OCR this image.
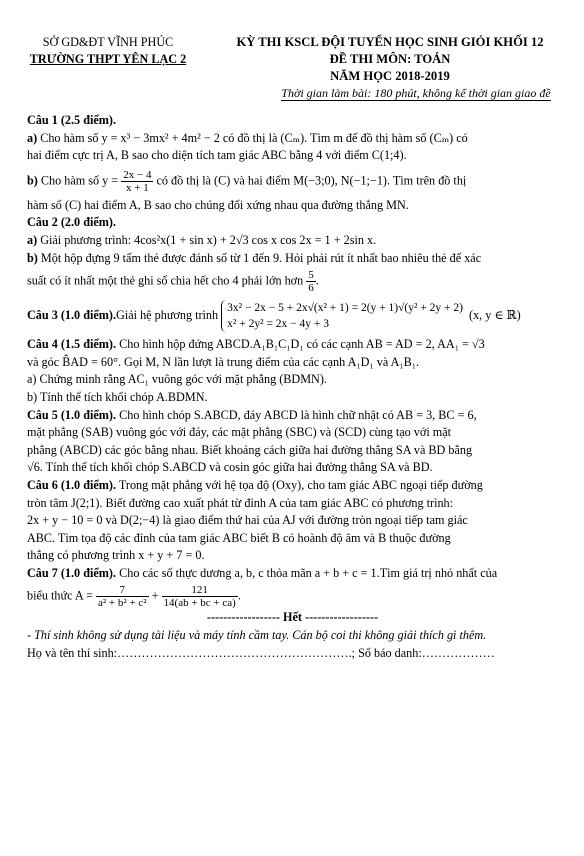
SỞ GD&ĐT VĨNH PHÚC
TRƯỜNG THPT YÊN LẠC 2
KỲ THI KSCL ĐỘI TUYỂN HỌC SINH GIỎI KHỐI 12
ĐỀ THI MÔN: TOÁN
NĂM HỌC 2018-2019
Thời gian làm bài: 180 phút, không kể thời gian giao đề

Câu 1 (2.5 điểm).

a) Cho hàm số y = x³ − 3mx² + 4m² − 2 có đồ thị là (Cₘ). Tìm m để đồ thị hàm số (Cₘ) có

hai điểm cực trị A, B sao cho diện tích tam giác ABC bằng 4 với điểm C(1;4).

b) Cho hàm số $y = \frac{2x - 4}{x + 1}$ có đồ thị là (C) và hai điểm M(−3;0), N(−1;−1). Tìm trên đồ thị

hàm số (C) hai điểm A, B sao cho chúng đối xứng nhau qua đường thẳng MN.

Câu 2 (2.0 điểm).

a) Giải phương trình: 4cos²x(1 + sin x) + 2√3 cos x cos 2x = 1 + 2sin x.

b) Một hộp đựng 9 tấm thẻ được đánh số từ 1 đến 9. Hỏi phải rút ít nhất bao nhiêu thẻ để xác

suất có ít nhất một thẻ ghi số chia hết cho 4 phải lớn hơn $\frac{5}{6}$ .

Câu 3 (1.0 điểm).Giải hệ phương trình 3x² − 2x − 5 + 2x√(x² + 1) = 2(y + 1)√(y² + 2y + 2)
x² + 2y² = 2x − 4y + 3
(x, y ∈ ℝ)

Câu 4 (1.5 điểm). Cho hình hộp đứng ABCD.A₁B₁C₁D₁ có các cạnh AB = AD = 2, AA₁ = √3

và góc B̂AD = 60°. Gọi M, N lần lượt là trung điểm của các cạnh A₁D₁ và A₁B₁.

a) Chứng minh rằng AC₁ vuông góc với mặt phẳng (BDMN).

b) Tính thể tích khối chóp A.BDMN.

Câu 5 (1.0 điểm). Cho hình chóp S.ABCD, đáy ABCD là hình chữ nhật có AB = 3, BC = 6,

mặt phẳng (SAB) vuông góc với đáy, các mặt phẳng (SBC) và (SCD) cùng tạo với mặt

phẳng (ABCD) các góc bằng nhau. Biết khoảng cách giữa hai đường thẳng SA và BD bằng

√6. Tính thể tích khối chóp S.ABCD và cosin góc giữa hai đường thẳng SA và BD.

Câu 6 (1.0 điểm). Trong mặt phẳng với hệ tọa độ (Oxy), cho tam giác ABC ngoại tiếp đường

tròn tâm J(2;1). Biết đường cao xuất phát từ đỉnh A của tam giác ABC có phương trình:

2x + y − 10 = 0 và D(2;−4) là giao điểm thứ hai của AJ với đường tròn ngoại tiếp tam giác

ABC. Tìm tọa độ các đỉnh của tam giác ABC biết B có hoành độ âm và B thuộc đường

thẳng có phương trình x + y + 7 = 0.

Câu 7 (1.0 điểm). Cho các số thực dương a, b, c thỏa mãn a + b + c = 1.Tìm giá trị nhỏ nhất của

biểu thức $A = \frac{7}{\text{a² + b² + c²}} + \frac{121}{14(ab + bc + ca)}$ .

------------------ Hết ------------------

- Thí sinh không sử dụng tài liệu và máy tính cầm tay. Cán bộ coi thi không giải thích gì thêm.

Họ và tên thí sinh:………………………………………………….; Số báo danh:………………
